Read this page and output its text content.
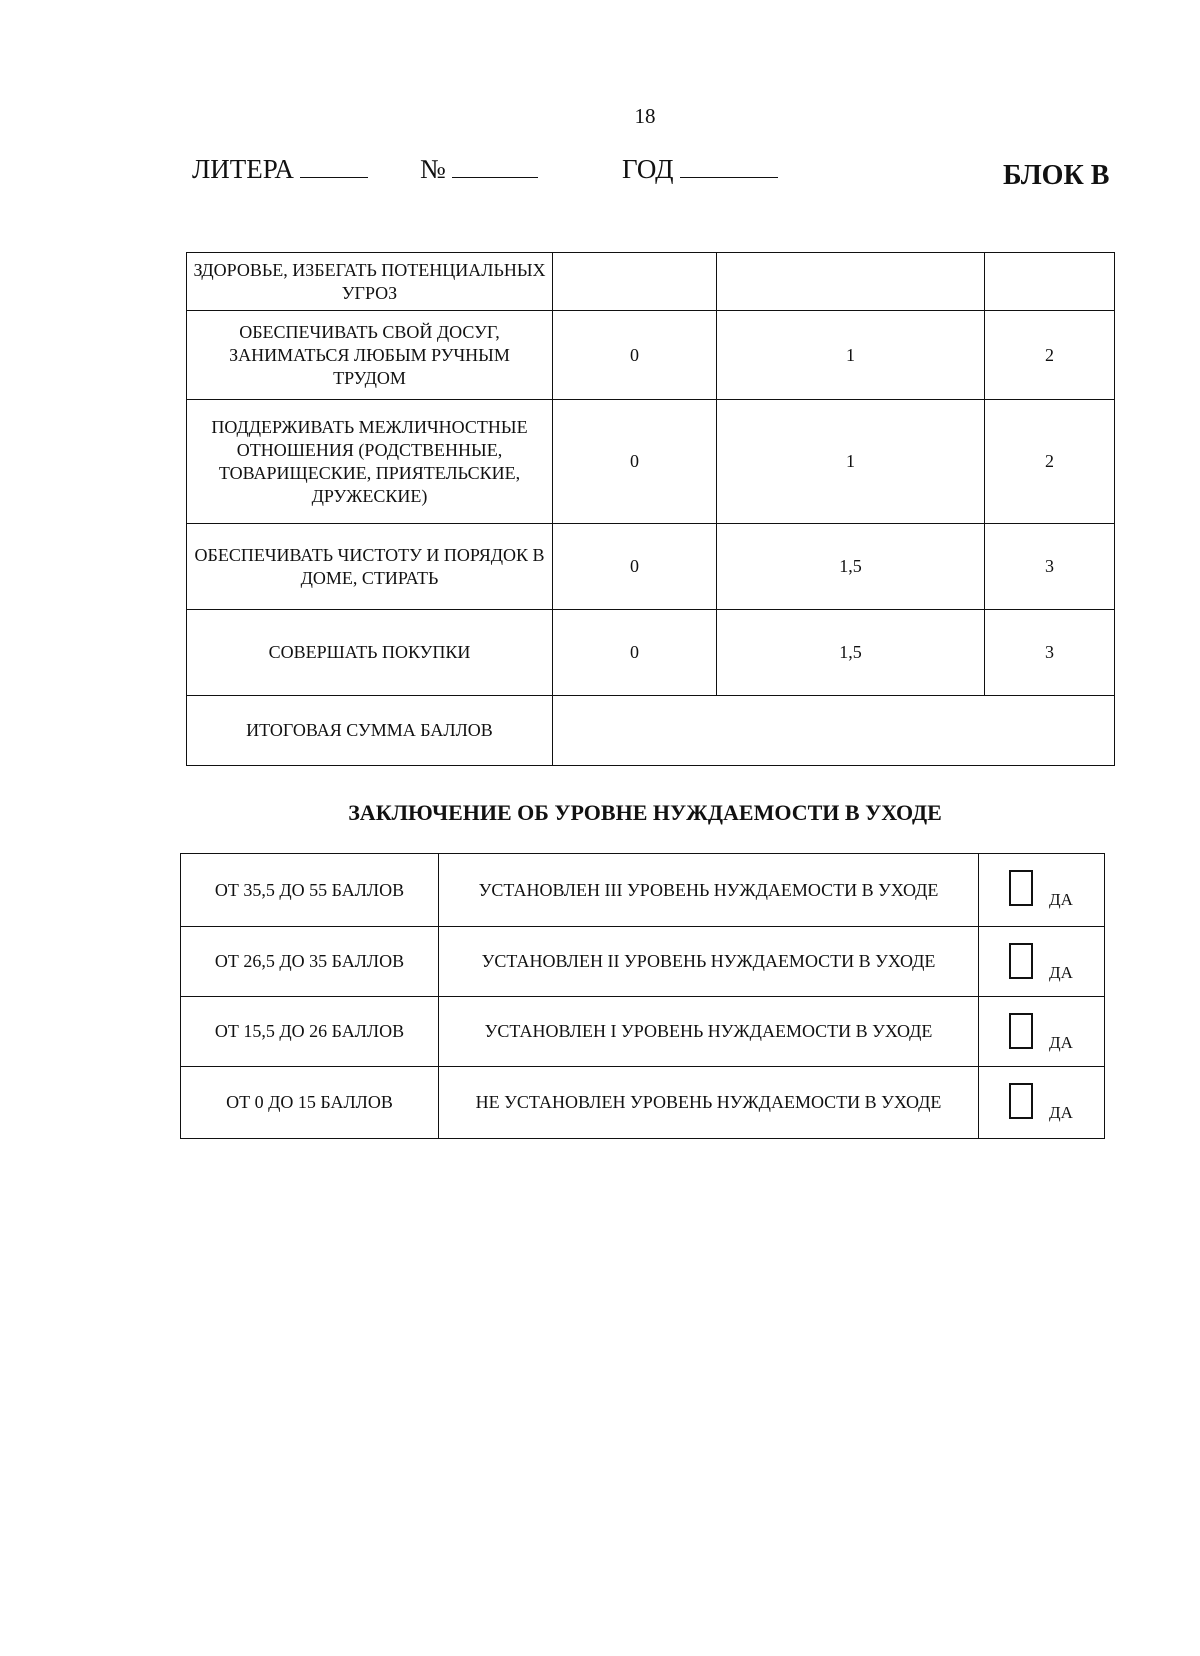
18
ЛИТЕРА	№	ГОД	БЛОК В
ЗДОРОВЬЕ, ИЗБЕГАТЬ ПОТЕНЦИАЛЬНЫХ УГРОЗ			
ОБЕСПЕЧИВАТЬ СВОЙ ДОСУГ, ЗАНИМАТЬСЯ ЛЮБЫМ РУЧНЫМ ТРУДОМ	0	1	2
ПОДДЕРЖИВАТЬ МЕЖЛИЧНОСТНЫЕ ОТНОШЕНИЯ (РОДСТВЕННЫЕ, ТОВАРИЩЕСКИЕ, ПРИЯТЕЛЬСКИЕ, ДРУЖЕСКИЕ)	0	1	2
ОБЕСПЕЧИВАТЬ ЧИСТОТУ И ПОРЯДОК В ДОМЕ, СТИРАТЬ	0	1,5	3
СОВЕРШАТЬ ПОКУПКИ	0	1,5	3
ИТОГОВАЯ СУММА БАЛЛОВ			
ЗАКЛЮЧЕНИЕ ОБ УРОВНЕ НУЖДАЕМОСТИ В УХОДЕ
ОТ 35,5 ДО 55 БАЛЛОВ	УСТАНОВЛЕН III УРОВЕНЬ НУЖДАЕМОСТИ В УХОДЕ	ДА

ОТ 26,5 ДО 35 БАЛЛОВ	УСТАНОВЛЕН II УРОВЕНЬ НУЖДАЕМОСТИ В УХОДЕ	ДА

ОТ 15,5 ДО 26 БАЛЛОВ	УСТАНОВЛЕН I УРОВЕНЬ НУЖДАЕМОСТИ В УХОДЕ	ДА

ОТ 0 ДО 15 БАЛЛОВ	НЕ УСТАНОВЛЕН УРОВЕНЬ НУЖДАЕМОСТИ В УХОДЕ	ДА
